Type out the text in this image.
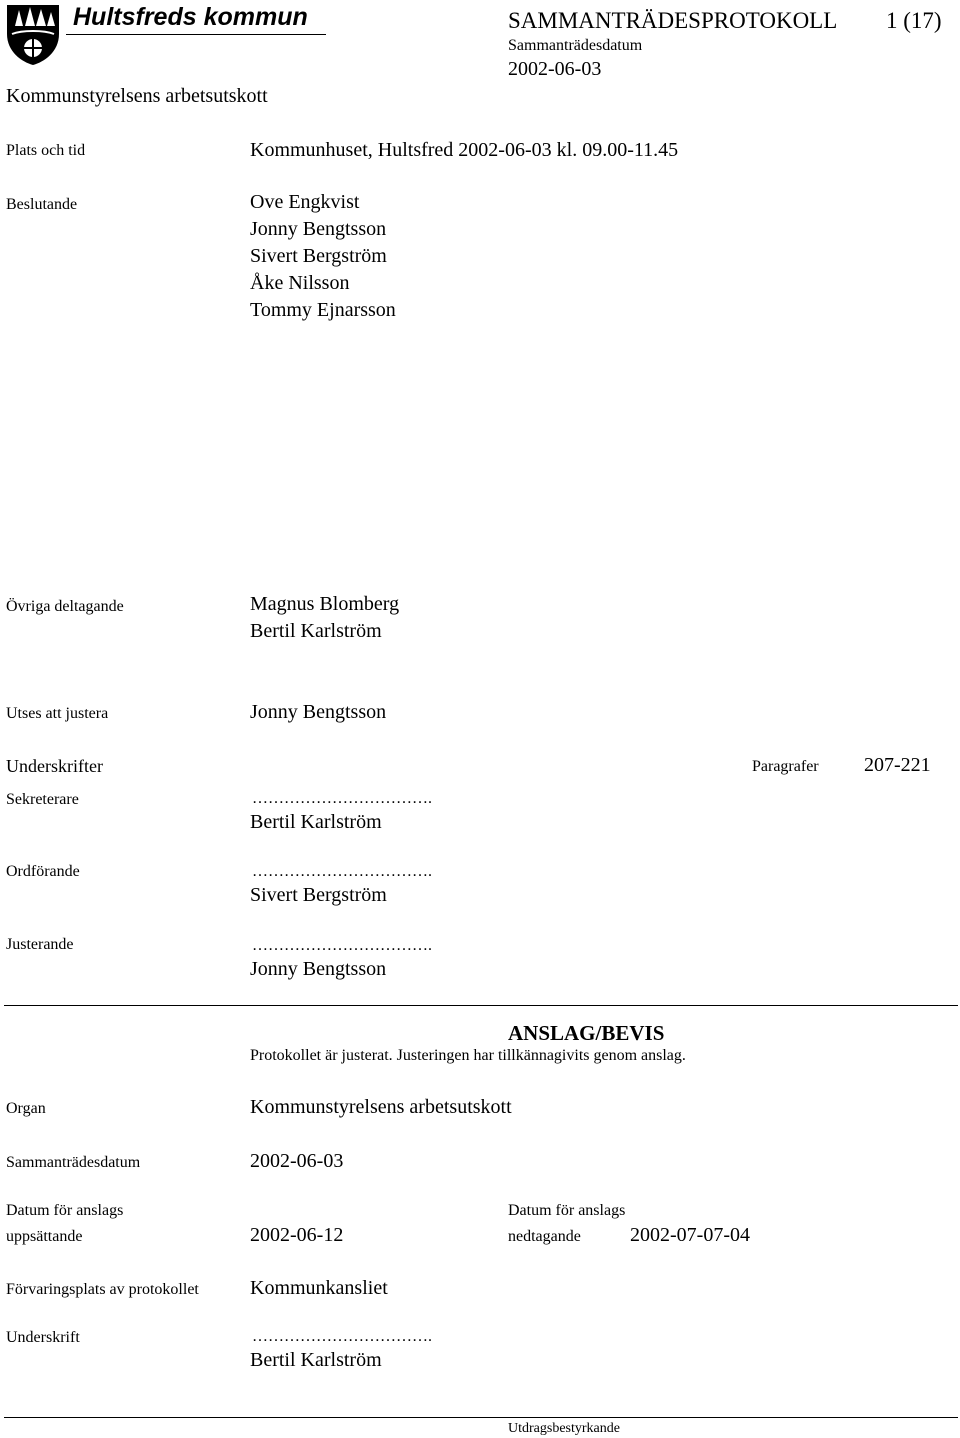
Hultsfreds kommun	SAMMANTRÄDESPROTOKOLL 1 (17)
Sammanträdesdatum
2002-06-03
Kommunstyrelsens arbetsutskott
Plats och tid	Kommunhuset, Hultsfred 2002-06-03 kl. 09.00-11.45
Beslutande	Ove Engkvist
Jonny Bengtsson
Sivert Bergström
Åke Nilsson
Tommy Ejnarsson
Övriga deltagande	Magnus Blomberg
Bertil Karlström
Utses att justera	Jonny Bengtsson
Underskrifter	Paragrafer 207-221
Sekreterare	…………………………….
Bertil Karlström
Ordförande	…………………………….
Sivert Bergström
Justerande	…………………………….
Jonny Bengtsson
ANSLAG/BEVIS
Protokollet är justerat. Justeringen har tillkännagivits genom anslag.
Organ	Kommunstyrelsens arbetsutskott
Sammanträdesdatum	2002-06-03
Datum för anslags
uppsättande	2002-06-12
Datum för anslags
nedtagande 2002-07-07-04
Förvaringsplats av protokollet	Kommunkansliet
Underskrift	…………………………….
Bertil Karlström
Utdragsbestyrkande
